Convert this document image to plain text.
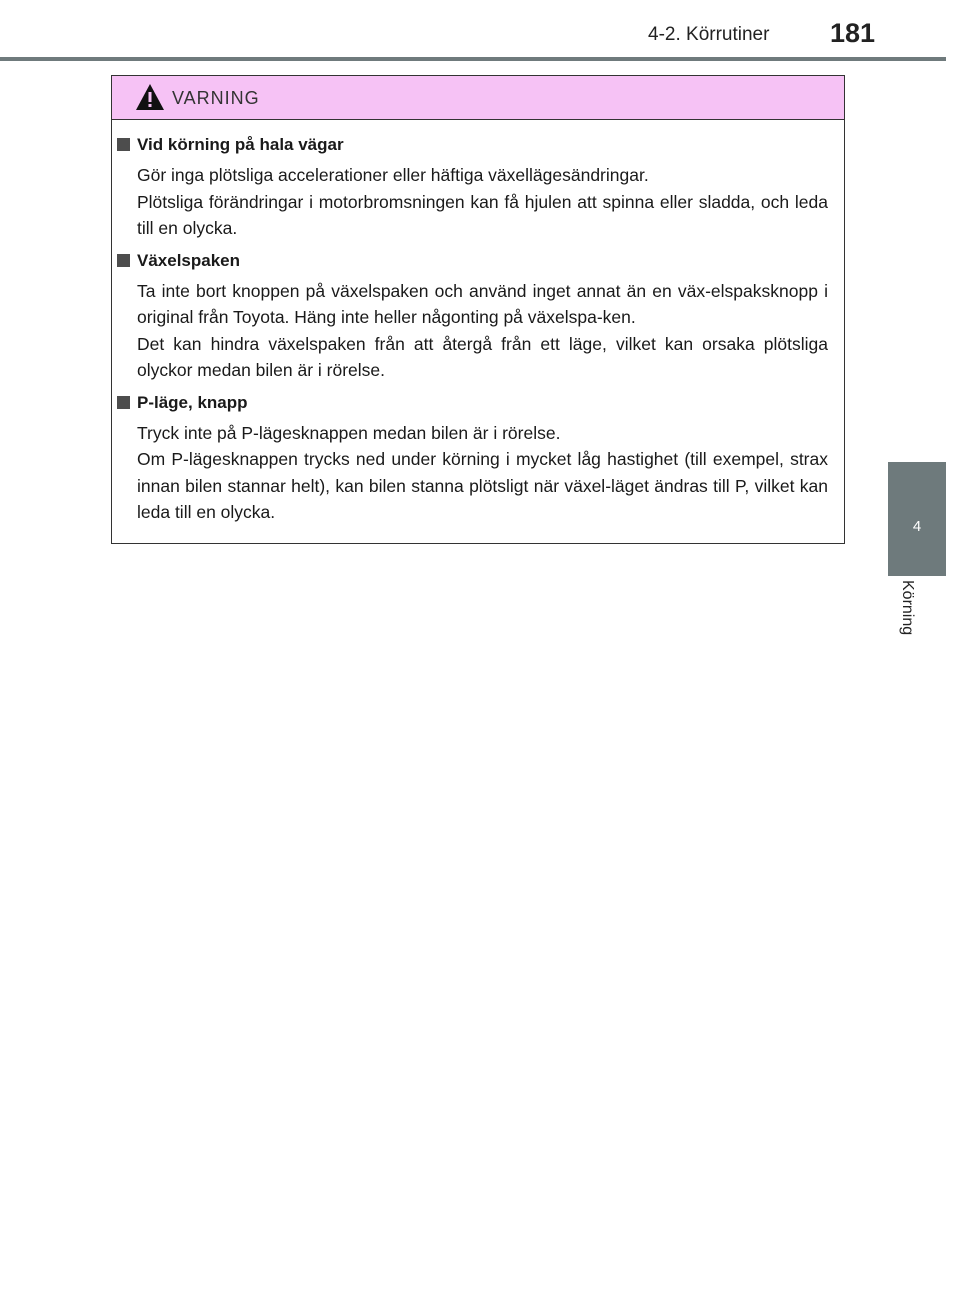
4-2. Körrutiner 181
4
Körning
VARNING
Vid körning på hala vägar

Gör inga plötsliga accelerationer eller häftiga växellägesändringar.

Plötsliga förändringar i motorbromsningen kan få hjulen att spinna eller sladda, och leda till en olycka.

Växelspaken

Ta inte bort knoppen på växelspaken och använd inget annat än en väx-elspaksknopp i original från Toyota. Häng inte heller någonting på växelspa-ken.

Det kan hindra växelspaken från att återgå från ett läge, vilket kan orsaka plötsliga olyckor medan bilen är i rörelse.

P-läge, knapp

Tryck inte på P-lägesknappen medan bilen är i rörelse.

Om P-lägesknappen trycks ned under körning i mycket låg hastighet (till exempel, strax innan bilen stannar helt), kan bilen stanna plötsligt när växel-läget ändras till P, vilket kan leda till en olycka.
